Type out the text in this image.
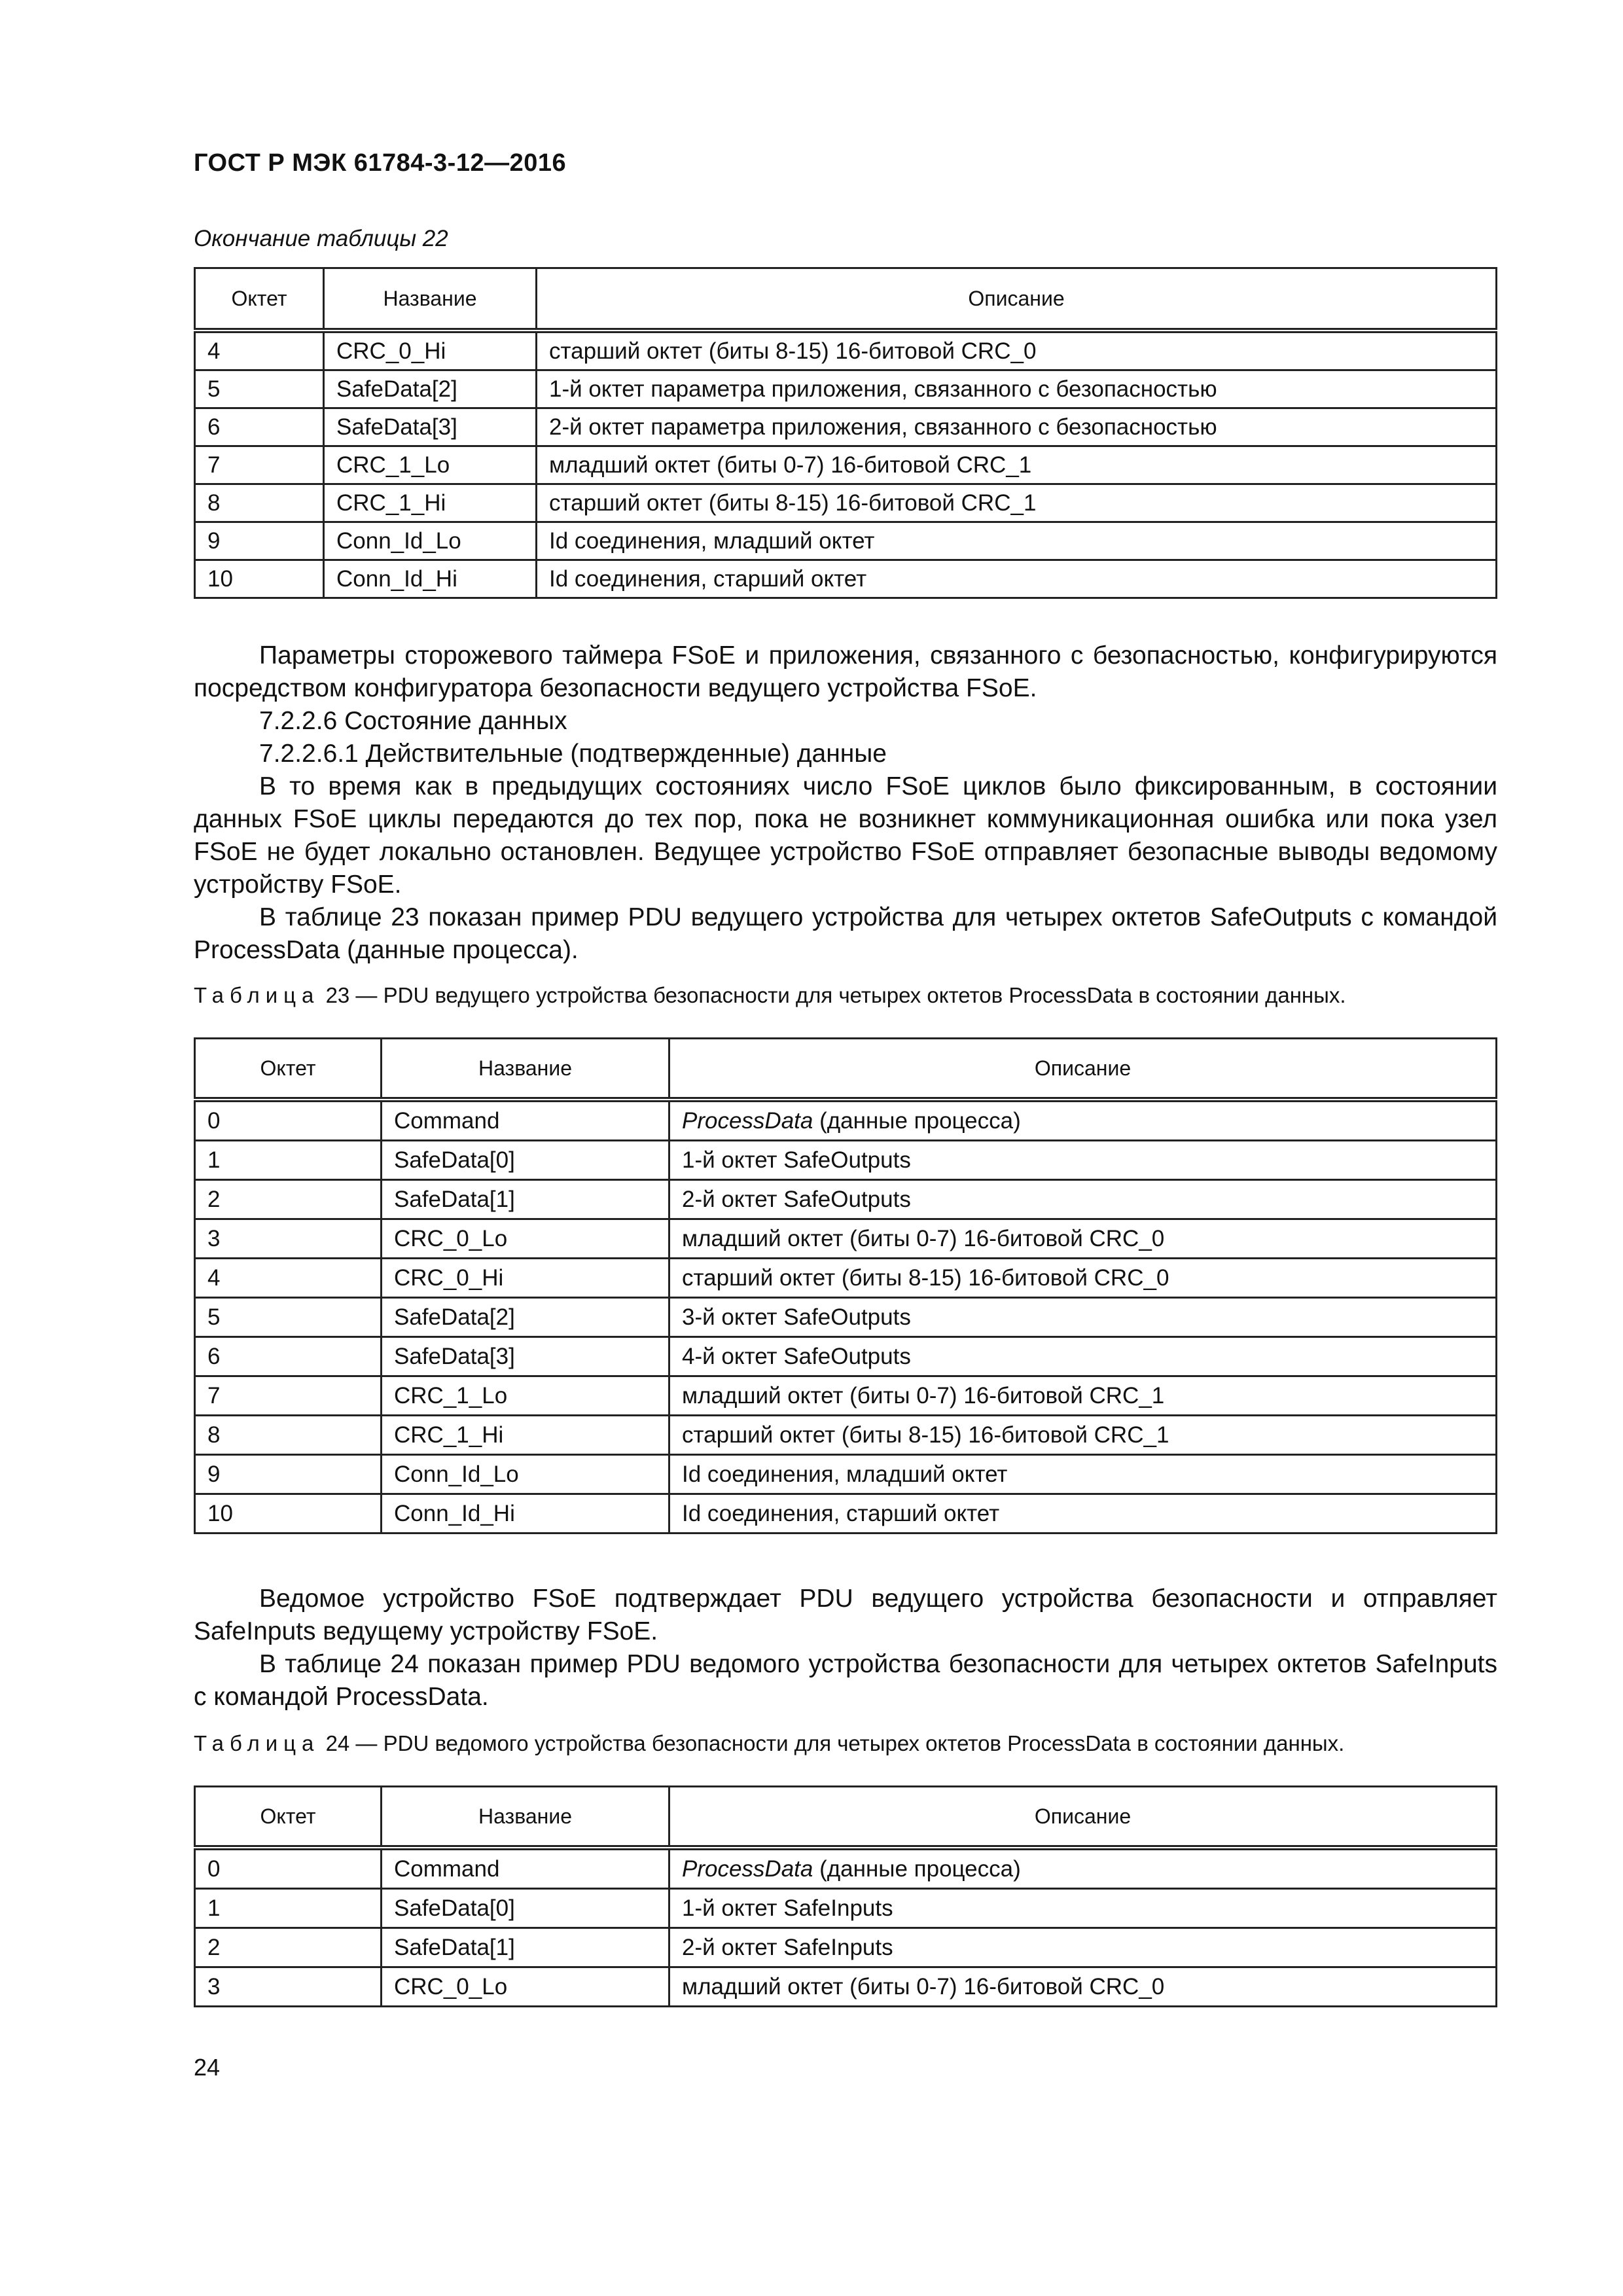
ГОСТ Р МЭК 61784-3-12—2016
Окончание таблицы 22
Октет	Название	Описание
4	CRC_0_Hi	старший октет (биты 8-15) 16-битовой CRC_0
5	SafeData[2]	1-й октет параметра приложения, связанного с безопасностью
6	SafeData[3]	2-й октет параметра приложения, связанного с безопасностью
7	CRC_1_Lo	младший октет (биты 0-7) 16-битовой CRC_1
8	CRC_1_Hi	старший октет (биты 8-15) 16-битовой CRC_1
9	Conn_Id_Lo	Id соединения, младший октет
10	Conn_Id_Hi	Id соединения, старший октет
Параметры сторожевого таймера FSoE и приложения, связанного с безопасностью, конфигурируются посредством конфигуратора безопасности ведущего устройства FSoE.
7.2.2.6 Состояние данных
7.2.2.6.1 Действительные (подтвержденные) данные
В то время как в предыдущих состояниях число FSoE циклов было фиксированным, в состоянии данных FSoE циклы передаются до тех пор, пока не возникнет коммуникационная ошибка или пока узел FSoE не будет локально остановлен. Ведущее устройство FSoE отправляет безопасные выводы ведомому устройству FSoE.
В таблице 23 показан пример PDU ведущего устройства для четырех октетов SafeOutputs с командой ProcessData (данные процесса).
Таблица 23 — PDU ведущего устройства безопасности для четырех октетов ProcessData в состоянии данных.
Октет	Название	Описание
0	Command	ProcessData (данные процесса)
1	SafeData[0]	1-й октет SafeOutputs
2	SafeData[1]	2-й октет SafeOutputs
3	CRC_0_Lo	младший октет (биты 0-7) 16-битовой CRC_0
4	CRC_0_Hi	старший октет (биты 8-15) 16-битовой CRC_0
5	SafeData[2]	3-й октет SafeOutputs
6	SafeData[3]	4-й октет SafeOutputs
7	CRC_1_Lo	младший октет (биты 0-7) 16-битовой CRC_1
8	CRC_1_Hi	старший октет (биты 8-15) 16-битовой CRC_1
9	Conn_Id_Lo	Id соединения, младший октет
10	Conn_Id_Hi	Id соединения, старший октет
Ведомое устройство FSoE подтверждает PDU ведущего устройства безопасности и отправляет SafeInputs ведущему устройству FSoE.
В таблице 24 показан пример PDU ведомого устройства безопасности для четырех октетов SafeInputs с командой ProcessData.
Таблица 24 — PDU ведомого устройства безопасности для четырех октетов ProcessData в состоянии данных.
Октет	Название	Описание
0	Command	ProcessData (данные процесса)
1	SafeData[0]	1-й октет SafeInputs
2	SafeData[1]	2-й октет SafeInputs
3	CRC_0_Lo	младший октет (биты 0-7) 16-битовой CRC_0
24
